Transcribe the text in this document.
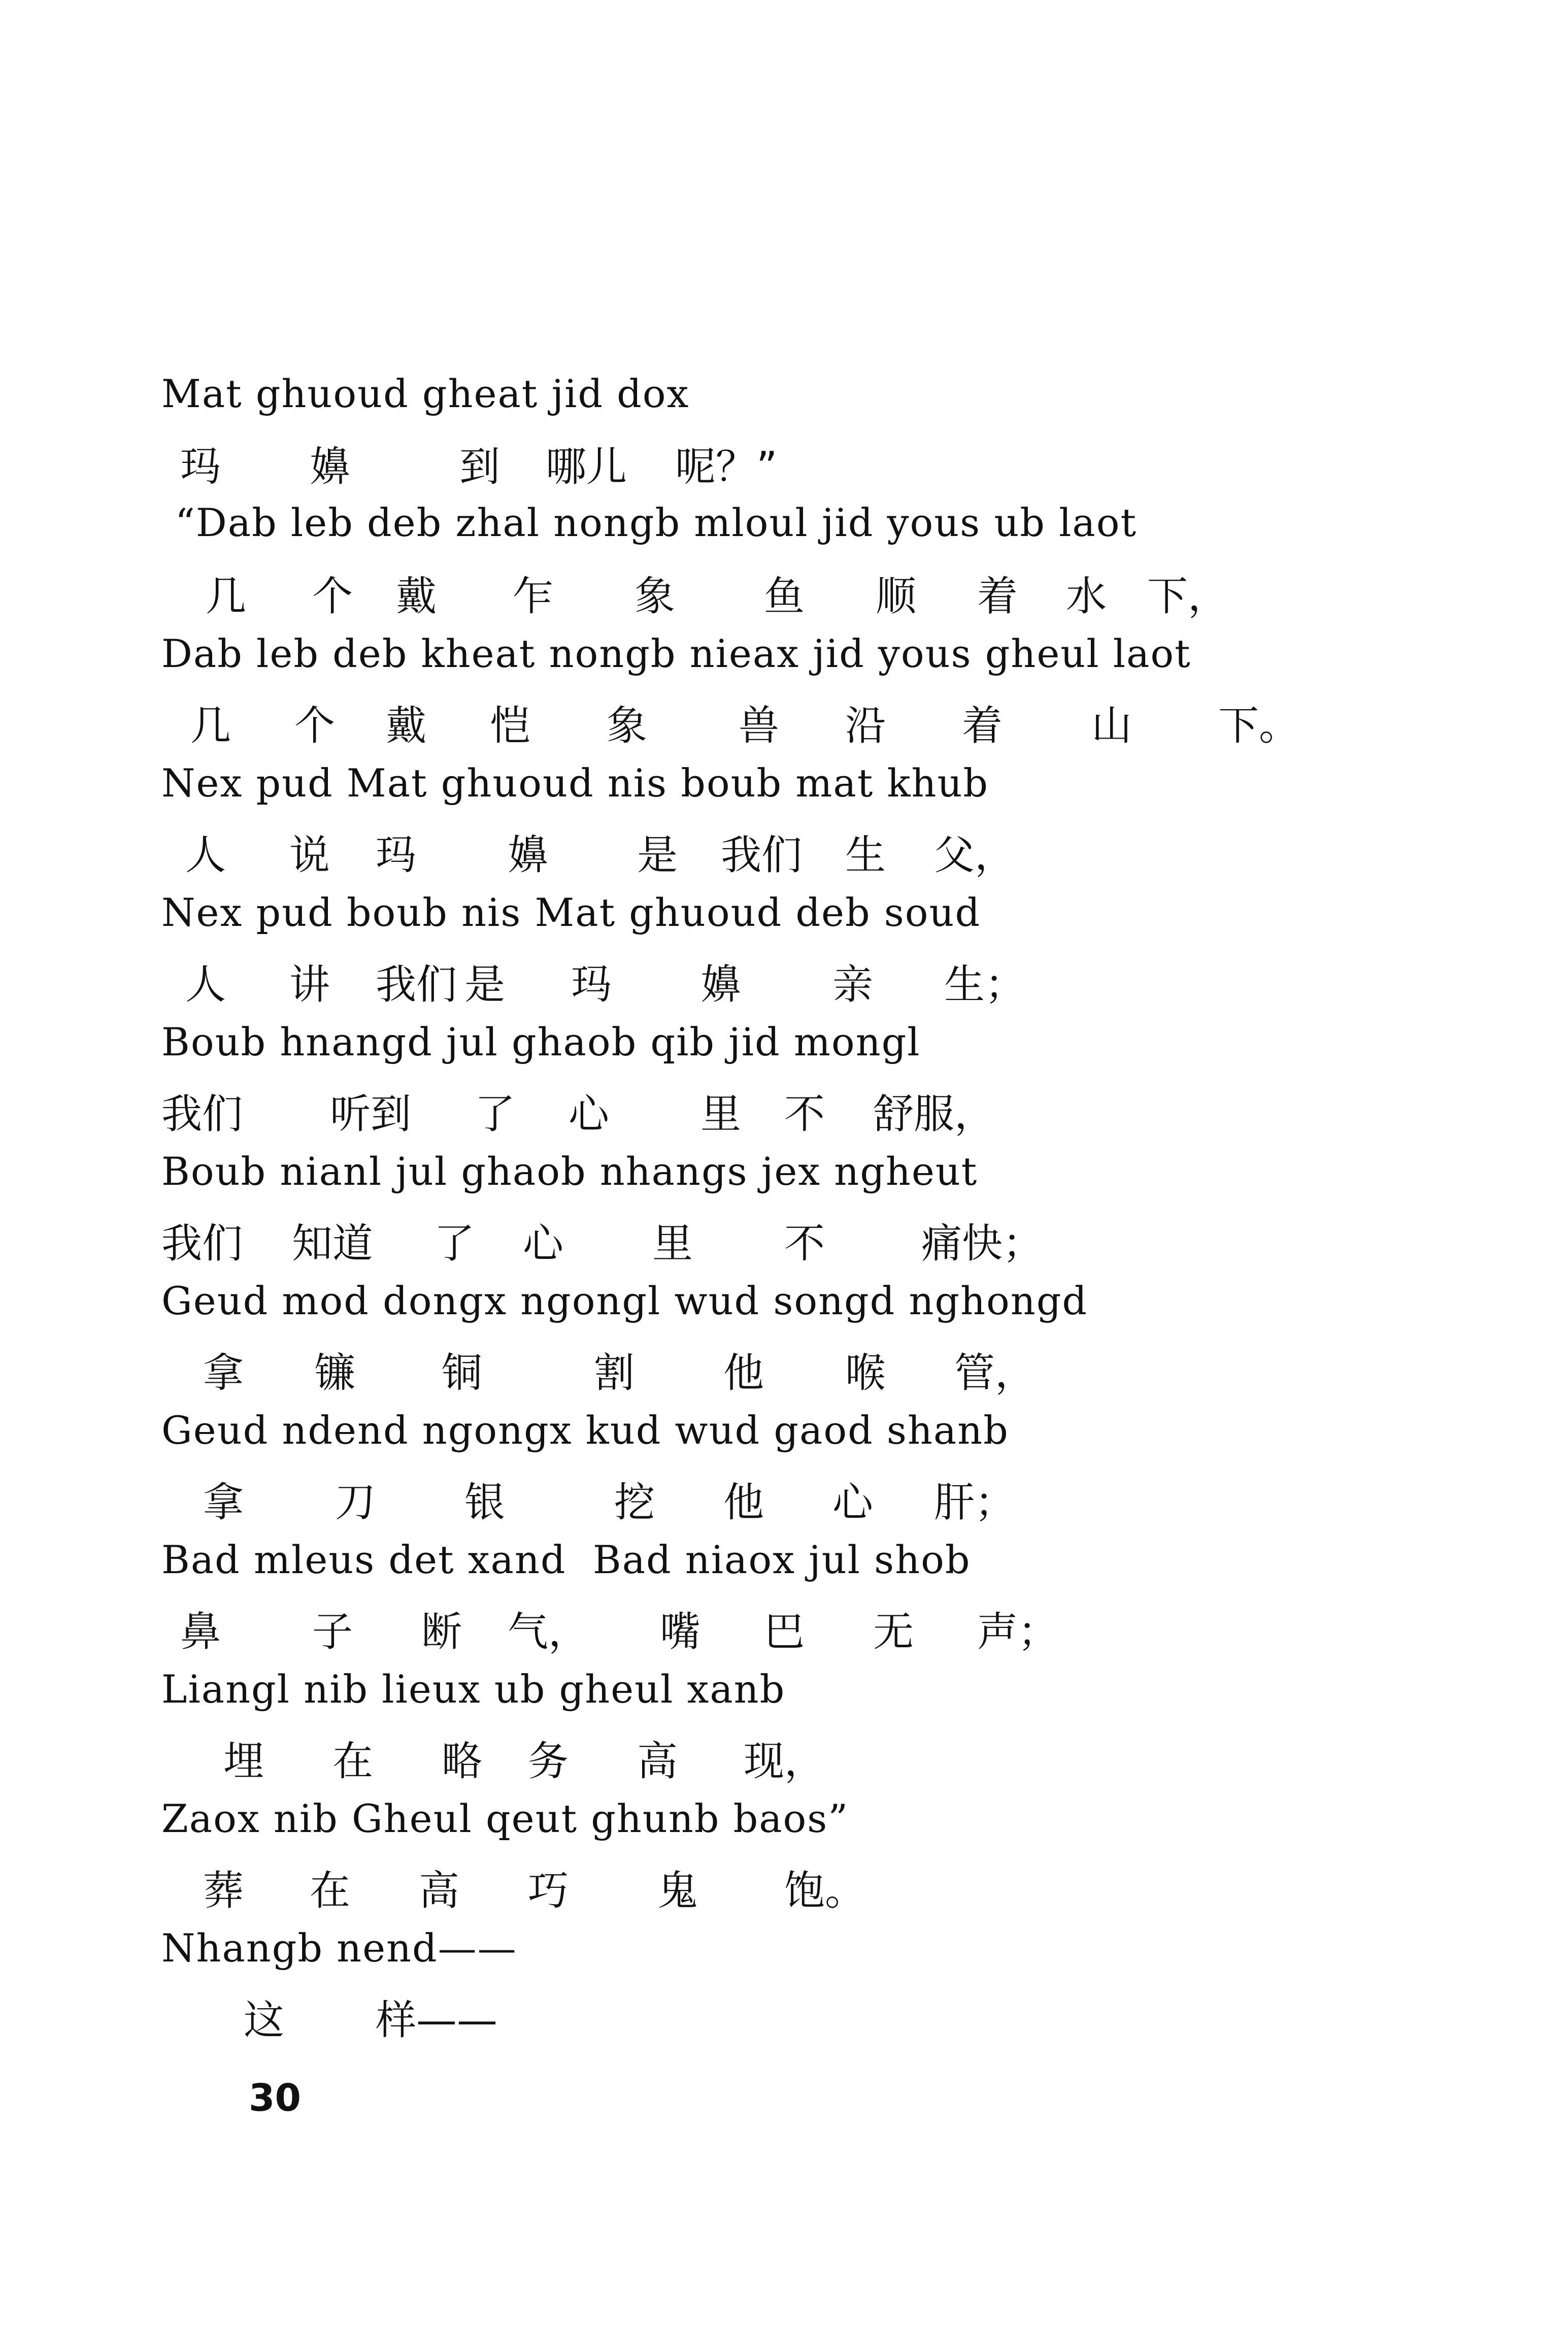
Mat ghuoud gheat jid dox

玛

嬶

	到

哪儿

呢？”

“Dab leb deb zhal nongb mloul jid yous ub laot

几

个

戴

乍

象

鱼

顺

着

水

下，

Dab leb deb kheat nongb nieax jid yous gheul laot

几

个

戴

恺

象

兽

沿

着

山

下。

Nex pud Mat ghuoud nis boub mat khub

人

说

玛

嬶

是

我们

生

父，

Nex pud boub nis Mat ghuoud deb soud

人

讲

我们

是

玛

嬶

亲

生；

Boub hnangd jul ghaob qib jid mongl

我们

听到

了

心

里

不

舒服，

Boub nianl jul ghaob nhangs jex ngheut

我们

知道

了

心

里

不

痛快；

Geud mod dongx ngongl wud songd nghongd

拿

镰

铜

	割

他

喉

管，

Geud ndend ngongx kud wud gaod shanb

拿

刀

银

	挖

他

心

肝；

Bad mleus det xand  Bad niaox jul shob

鼻

子

断

气，

嘴

巴

无

声；

Liangl nib lieux ub gheul xanb

埋

在

略

务

高

现，

Zaox nib Gheul qeut ghunb baos”

葬

在

高

巧

鬼

饱。

Nhangb nend——

这

样——

30
